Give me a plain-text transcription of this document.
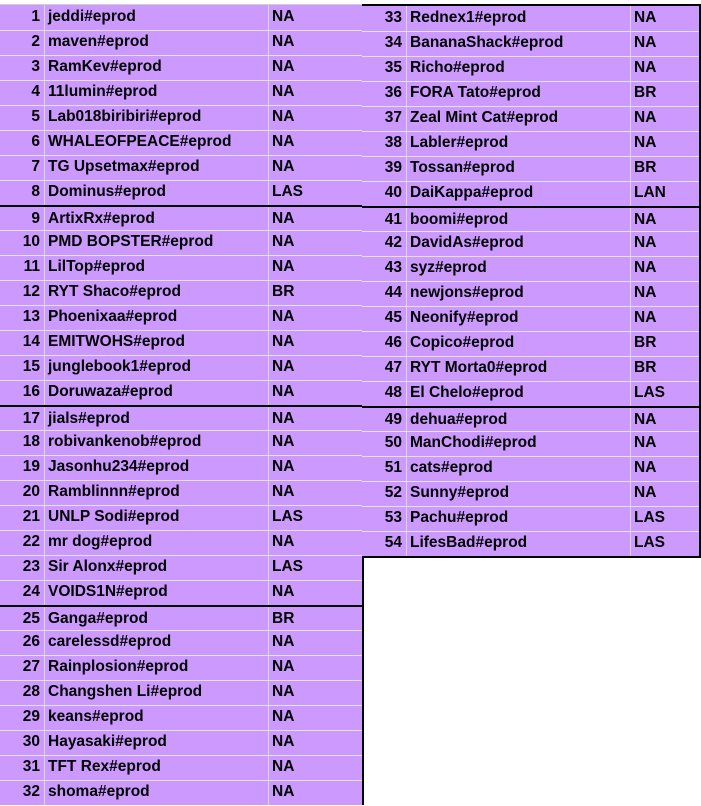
1 jeddi#eprod	NA
2 maven#eprod	NA
3 RamKev#eprod	NA
4 11lumin#eprod	NA
5 Lab018biribiri#eprod	NA
6 WHALEOFPEACE#eprod	NA
7 TG Upsetmax#eprod	NA
8 Dominus#eprod	LAS
9 ArtixRx#eprod	NA
10 PMD BOPSTER#eprod	NA
11 LilTop#eprod	NA
12 RYT Shaco#eprod	BR
13 Phoenixaa#eprod	NA
14 EMITWOHS#eprod	NA
15 junglebook1#eprod	NA
16 Doruwaza#eprod	NA
17 jials#eprod	NA
18 robivankenob#eprod	NA
19 Jasonhu234#eprod	NA
20 Ramblinnn#eprod	NA
21 UNLP Sodi#eprod	LAS
22 mr dog#eprod	NA
23 Sir Alonx#eprod	LAS
24 VOIDS1N#eprod	NA
25 Ganga#eprod	BR
26 carelessd#eprod	NA
27 Rainplosion#eprod	NA
28 Changshen Li#eprod	NA
29 keans#eprod	NA
30 Hayasaki#eprod	NA
31 TFT Rex#eprod	NA
32 shoma#eprod	NA
33 Rednex1#eprod	NA
34 BananaShack#eprod	NA
35 Richo#eprod	NA
36 FORA Tato#eprod	BR
37 Zeal Mint Cat#eprod	NA
38 Labler#eprod	NA
39 Tossan#eprod	BR
40 DaiKappa#eprod	LAN
41 boomi#eprod	NA
42 DavidAs#eprod	NA
43 syz#eprod	NA
44 newjons#eprod	NA
45 Neonify#eprod	NA
46 Copico#eprod	BR
47 RYT Morta0#eprod	BR
48 El Chelo#eprod	LAS
49 dehua#eprod	NA
50 ManChodi#eprod	NA
51 cats#eprod	NA
52 Sunny#eprod	NA
53 Pachu#eprod	LAS
54 LifesBad#eprod	LAS
